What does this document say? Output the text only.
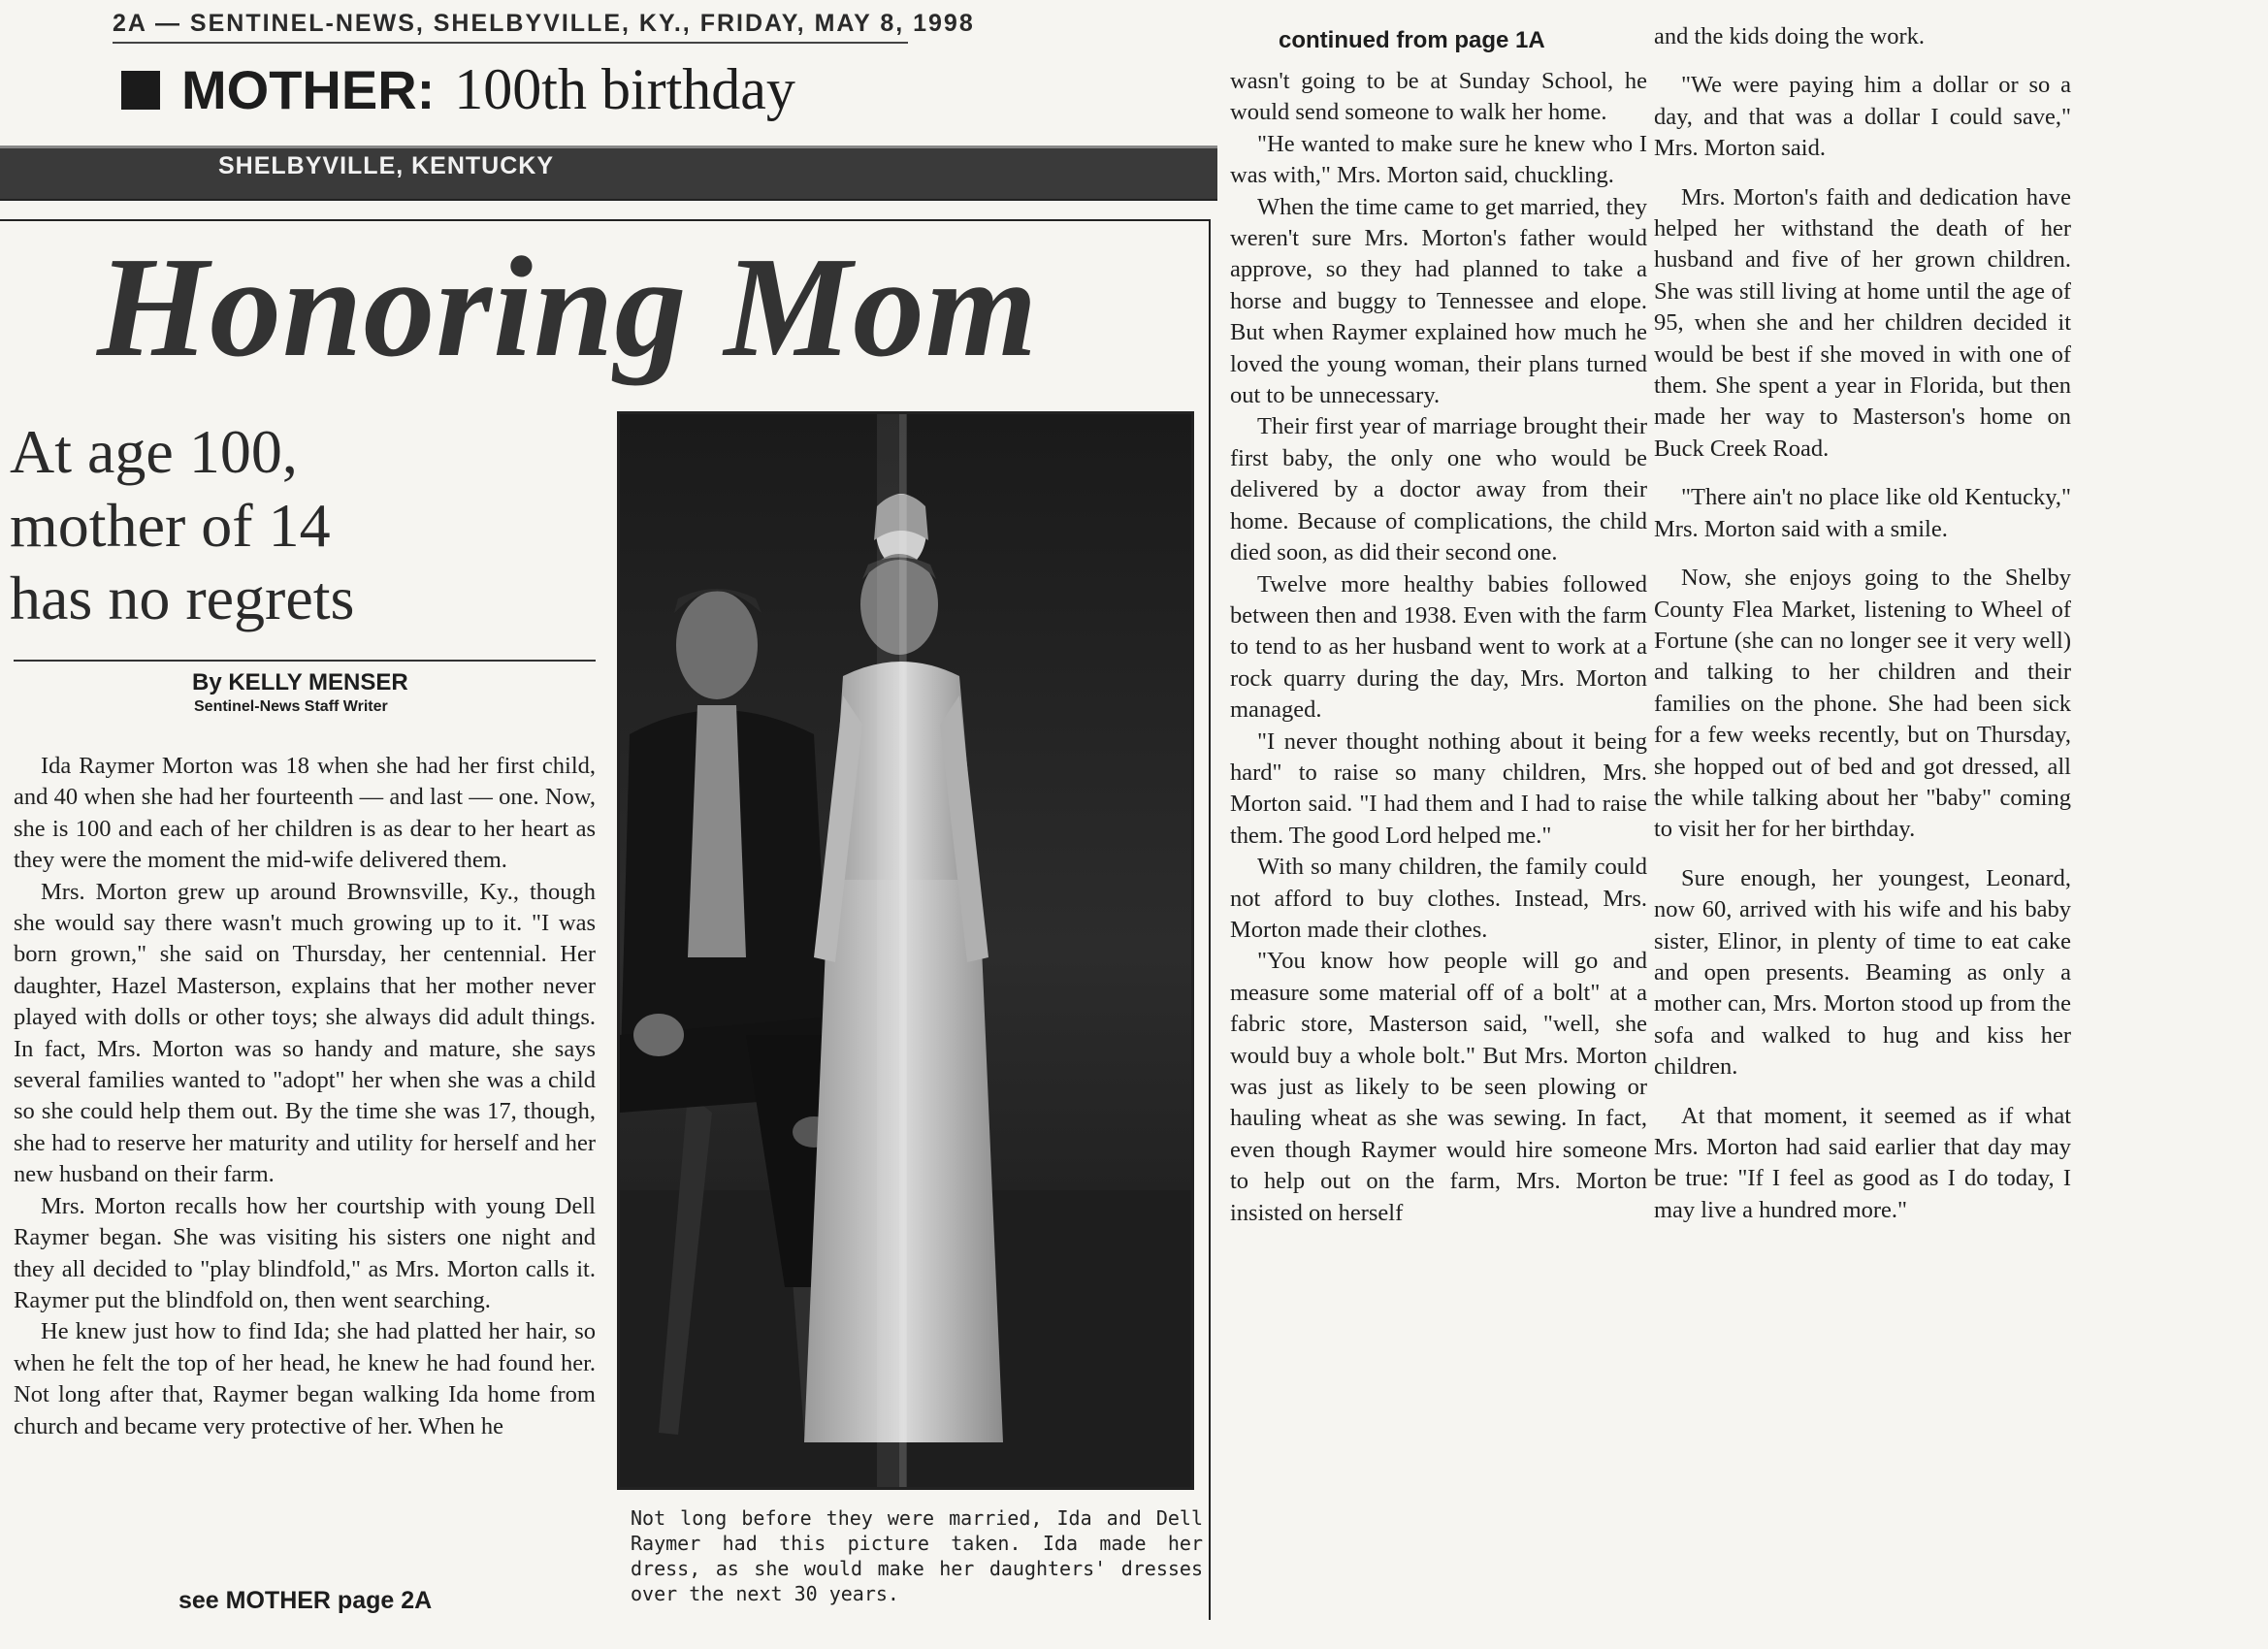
2A — SENTINEL-NEWS, SHELBYVILLE, KY., FRIDAY, MAY 8, 1998
MOTHER: 100th birthday
SHELBYVILLE, KENTUCKY
Honoring Mom
At age 100,
mother of 14
has no regrets
By KELLY MENSER
Sentinel-News Staff Writer

Ida Raymer Morton was 18 when she had her first child, and 40 when she had her fourteenth — and last — one. Now, she is 100 and each of her children is as dear to her heart as they were the moment the mid-wife delivered them.

Mrs. Morton grew up around Brownsville, Ky., though she would say there wasn't much growing up to it. "I was born grown," she said on Thursday, her centennial. Her daughter, Hazel Masterson, explains that her mother never played with dolls or other toys; she always did adult things. In fact, Mrs. Morton was so handy and mature, she says several families wanted to "adopt" her when she was a child so she could help them out. By the time she was 17, though, she had to reserve her maturity and utility for herself and her new husband on their farm.

Mrs. Morton recalls how her courtship with young Dell Raymer began. She was visiting his sisters one night and they all decided to "play blindfold," as Mrs. Morton calls it. Raymer put the blindfold on, then went searching.

He knew just how to find Ida; she had platted her hair, so when he felt the top of her head, he knew he had found her. Not long after that, Raymer began walking Ida home from church and became very protective of her. When he

see MOTHER page 2A
Not long before they were married, Ida and Dell Raymer had this picture taken. Ida made her dress, as she would make her daughters' dresses over the next 30 years.
continued from page 1A

wasn't going to be at Sunday School, he would send someone to walk her home.

"He wanted to make sure he knew who I was with," Mrs. Morton said, chuckling.

When the time came to get married, they weren't sure Mrs. Morton's father would approve, so they had planned to take a horse and buggy to Tennessee and elope. But when Raymer explained how much he loved the young woman, their plans turned out to be unnecessary.

Their first year of marriage brought their first baby, the only one who would be delivered by a doctor away from their home. Because of complications, the child died soon, as did their second one.

Twelve more healthy babies followed between then and 1938. Even with the farm to tend to as her husband went to work at a rock quarry during the day, Mrs. Morton managed.

"I never thought nothing about it being hard" to raise so many children, Mrs. Morton said. "I had them and I had to raise them. The good Lord helped me."

With so many children, the family could not afford to buy clothes. Instead, Mrs. Morton made their clothes.

"You know how people will go and measure some material off of a bolt" at a fabric store, Masterson said, "well, she would buy a whole bolt." But Mrs. Morton was just as likely to be seen plowing or hauling wheat as she was sewing. In fact, even though Raymer would hire someone to help out on the farm, Mrs. Morton insisted on herself

and the kids doing the work.

"We were paying him a dollar or so a day, and that was a dollar I could save," Mrs. Morton said.

Mrs. Morton's faith and dedication have helped her withstand the death of her husband and five of her grown children. She was still living at home until the age of 95, when she and her children decided it would be best if she moved in with one of them. She spent a year in Florida, but then made her way to Masterson's home on Buck Creek Road.

"There ain't no place like old Kentucky," Mrs. Morton said with a smile.

Now, she enjoys going to the Shelby County Flea Market, listening to Wheel of Fortune (she can no longer see it very well) and talking to her children and their families on the phone. She had been sick for a few weeks recently, but on Thursday, she hopped out of bed and got dressed, all the while talking about her "baby" coming to visit her for her birthday.

Sure enough, her youngest, Leonard, now 60, arrived with his wife and his baby sister, Elinor, in plenty of time to eat cake and open presents. Beaming as only a mother can, Mrs. Morton stood up from the sofa and walked to hug and kiss her children.

At that moment, it seemed as if what Mrs. Morton had said earlier that day may be true: "If I feel as good as I do today, I may live a hundred more."
